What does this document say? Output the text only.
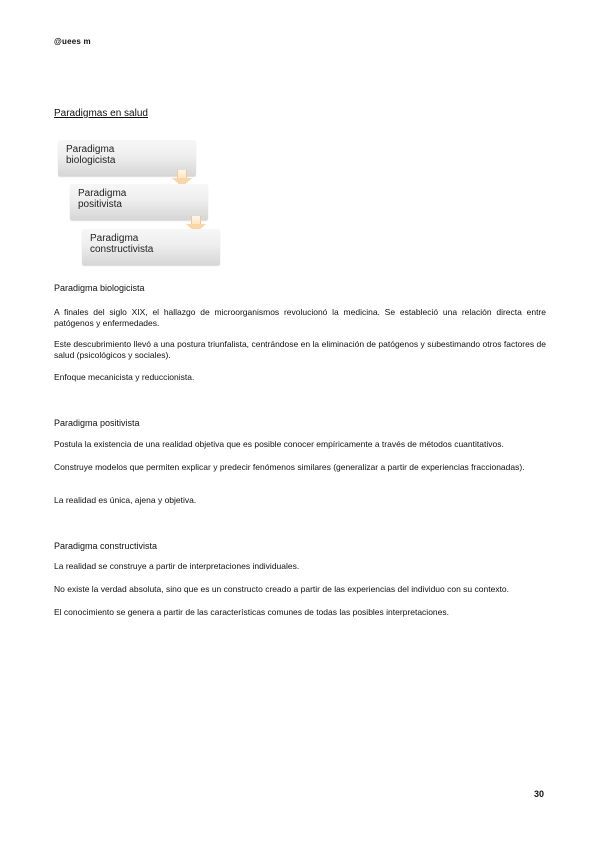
@uees m
Paradigmas en salud
Paradigma
biologicista
Paradigma
positivista
Paradigma
constructivista
Paradigma biologicista
A finales del siglo XIX, el hallazgo de microorganismos revolucionó la medicina. Se estableció una relación directa entre patógenos y enfermedades.
Este descubrimiento llevó a una postura triunfalista, centrándose en la eliminación de patógenos y subestimando otros factores de salud (psicológicos y sociales).
Enfoque mecanicista y reduccionista.
Paradigma positivista
Postula la existencia de una realidad objetiva que es posible conocer empíricamente a través de métodos cuantitativos.
Construye modelos que permiten explicar y predecir fenómenos similares (generalizar a partir de experiencias fraccionadas).
La realidad es única, ajena y objetiva.
Paradigma constructivista
La realidad se construye a partir de interpretaciones individuales.
No existe la verdad absoluta, sino que es un constructo creado a partir de las experiencias del individuo con su contexto.
El conocimiento se genera a partir de las características comunes de todas las posibles interpretaciones.
30
